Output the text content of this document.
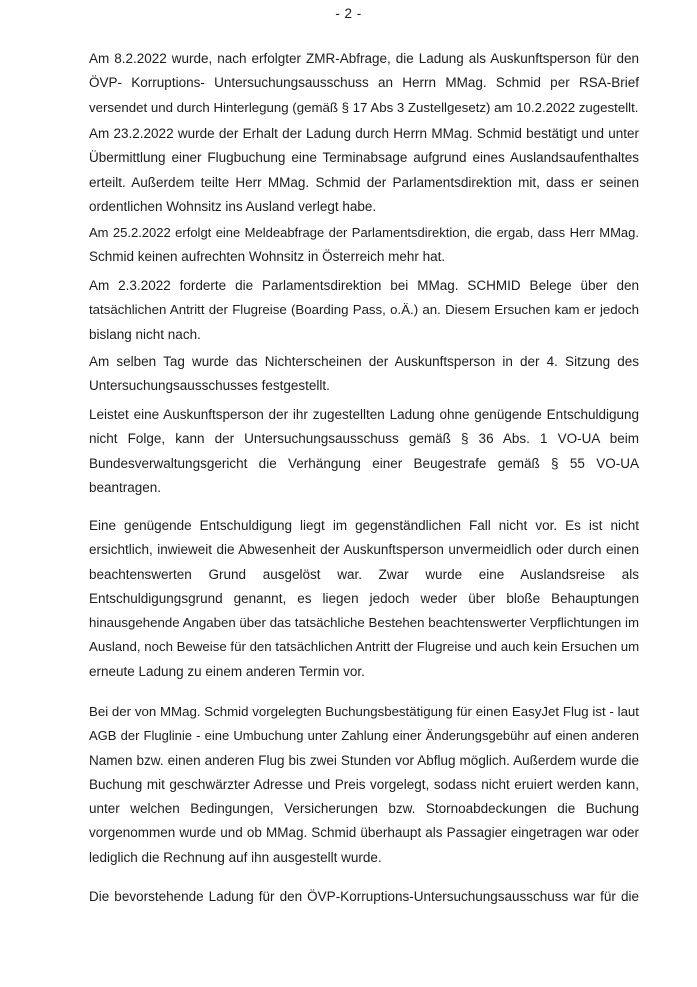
- 2 -
Am 8.2.2022 wurde, nach erfolgter ZMR-Abfrage, die Ladung als Auskunftsperson für den
ÖVP- Korruptions- Untersuchungsausschuss an Herrn MMag. Schmid per RSA-Brief
versendet und durch Hinterlegung (gemäß § 17 Abs 3 Zustellgesetz) am 10.2.2022 zugestellt.
Am 23.2.2022 wurde der Erhalt der Ladung durch Herrn MMag. Schmid bestätigt und unter
Übermittlung einer Flugbuchung eine Terminabsage aufgrund eines Auslandsaufenthaltes
erteilt. Außerdem teilte Herr MMag. Schmid der Parlamentsdirektion mit, dass er seinen
ordentlichen Wohnsitz ins Ausland verlegt habe.
Am 25.2.2022 erfolgt eine Meldeabfrage der Parlamentsdirektion, die ergab, dass Herr MMag.
Schmid keinen aufrechten Wohnsitz in Österreich mehr hat.
Am 2.3.2022 forderte die Parlamentsdirektion bei MMag. SCHMID Belege über den
tatsächlichen Antritt der Flugreise (Boarding Pass, o.Ä.) an. Diesem Ersuchen kam er jedoch
bislang nicht nach.
Am selben Tag wurde das Nichterscheinen der Auskunftsperson in der 4. Sitzung des
Untersuchungsausschusses festgestellt.
Leistet eine Auskunftsperson der ihr zugestellten Ladung ohne genügende Entschuldigung
nicht Folge, kann der Untersuchungsausschuss gemäß § 36 Abs. 1 VO-UA beim
Bundesverwaltungsgericht die Verhängung einer Beugestrafe gemäß § 55 VO-UA
beantragen.
Eine genügende Entschuldigung liegt im gegenständlichen Fall nicht vor. Es ist nicht
ersichtlich, inwieweit die Abwesenheit der Auskunftsperson unvermeidlich oder durch einen
beachtenswerten Grund ausgelöst war. Zwar wurde eine Auslandsreise als
Entschuldigungsgrund genannt, es liegen jedoch weder über bloße Behauptungen
hinausgehende Angaben über das tatsächliche Bestehen beachtenswerter Verpflichtungen im
Ausland, noch Beweise für den tatsächlichen Antritt der Flugreise und auch kein Ersuchen um
erneute Ladung zu einem anderen Termin vor.
Bei der von MMag. Schmid vorgelegten Buchungsbestätigung für einen EasyJet Flug ist - laut
AGB der Fluglinie - eine Umbuchung unter Zahlung einer Änderungsgebühr auf einen anderen
Namen bzw. einen anderen Flug bis zwei Stunden vor Abflug möglich. Außerdem wurde die
Buchung mit geschwärzter Adresse und Preis vorgelegt, sodass nicht eruiert werden kann,
unter welchen Bedingungen, Versicherungen bzw. Stornoabdeckungen die Buchung
vorgenommen wurde und ob MMag. Schmid überhaupt als Passagier eingetragen war oder
lediglich die Rechnung auf ihn ausgestellt wurde.
Die bevorstehende Ladung für den ÖVP-Korruptions-Untersuchungsausschuss war für die
